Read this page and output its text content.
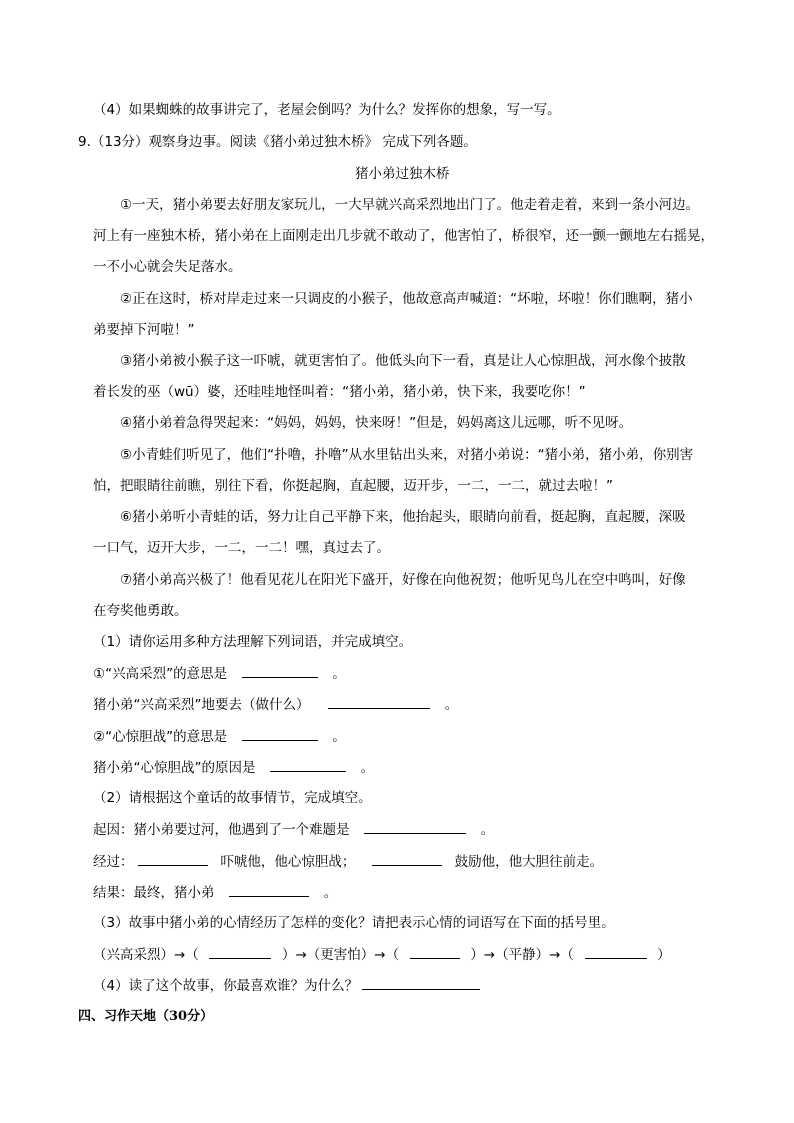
（4）如果蜘蛛的故事讲完了，老屋会倒吗？为什么？发挥你的想象，写一写。
9.（13分）观察身边事。阅读《猪小弟过独木桥》 完成下列各题。
猪小弟过独木桥
①一天，猪小弟要去好朋友家玩儿，一大早就兴高采烈地出门了。他走着走着，来到一条小河边。
河上有一座独木桥，猪小弟在上面刚走出几步就不敢动了，他害怕了，桥很窄，还一颤一颤地左右摇晃，
一不小心就会失足落水。
②正在这时，桥对岸走过来一只调皮的小猴子，他故意高声喊道：“坏啦，坏啦！你们瞧啊，猪小
弟要掉下河啦！”
③猪小弟被小猴子这一吓唬，就更害怕了。他低头向下一看，真是让人心惊胆战，河水像个披散
着长发的巫（wū）婆，还哇哇地怪叫着：“猪小弟，猪小弟，快下来，我要吃你！”
④猪小弟着急得哭起来：“妈妈，妈妈，快来呀！”但是，妈妈离这儿远哪，听不见呀。
⑤小青蛙们听见了，他们“扑噜，扑噜”从水里钻出头来，对猪小弟说：“猪小弟，猪小弟，你别害
怕，把眼睛往前瞧，别往下看，你挺起胸，直起腰，迈开步，一二，一二，就过去啦！”
⑥猪小弟听小青蛙的话，努力让自己平静下来，他抬起头，眼睛向前看，挺起胸，直起腰，深吸
一口气，迈开大步，一二，一二！嘿，真过去了。
⑦猪小弟高兴极了！他看见花儿在阳光下盛开，好像在向他祝贺；他听见鸟儿在空中鸣叫，好像
在夸奖他勇敢。
（1）请你运用多种方法理解下列词语，并完成填空。
①“兴高采烈”的意思是	。
猪小弟“兴高采烈”地要去（做什么）	。
②“心惊胆战”的意思是	。
猪小弟“心惊胆战”的原因是	。
（2）请根据这个童话的故事情节，完成填空。
起因：猪小弟要过河，他遇到了一个难题是	。
经过：	吓唬他，他心惊胆战；	鼓励他，他大胆往前走。
结果：最终，猪小弟	。
（3）故事中猪小弟的心情经历了怎样的变化？请把表示心情的词语写在下面的括号里。
（兴高采烈）→（	）→（更害怕）→（	）→（平静）→（	）
（4）读了这个故事，你最喜欢谁？为什么？
四、习作天地（30分）
